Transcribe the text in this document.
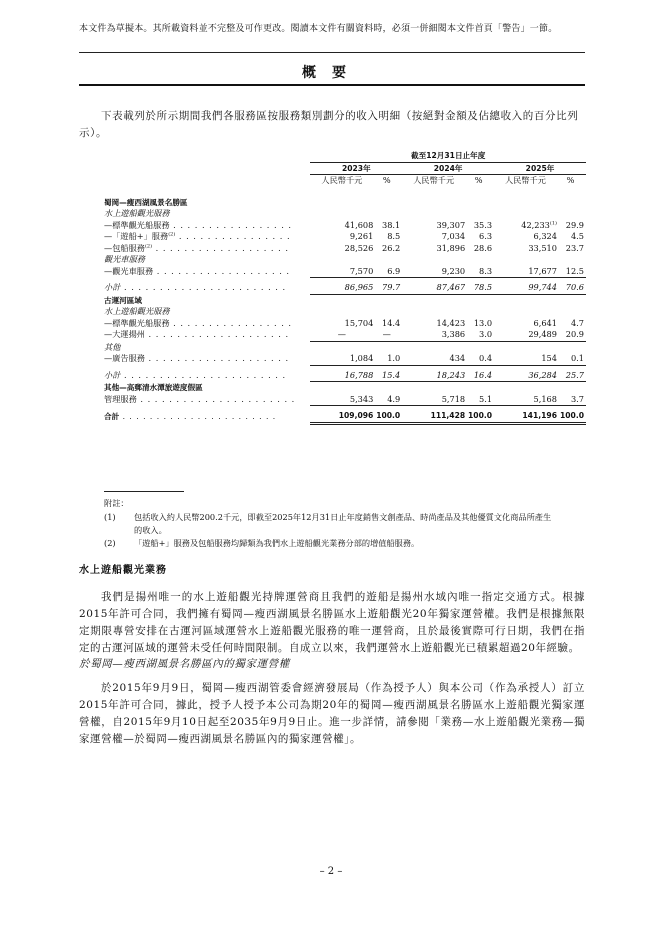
本文件為草擬本。其所載資料並不完整及可作更改。閱讀本文件有關資料時，必須一併細閱本文件首頁「警告」一節。
概要
下表載列於所示期間我們各服務區按服務類別劃分的收入明細（按絕對金額及佔總收入的百分比列示）。
	截至12月31日止年度					
	2023年		2024年		2025年	
	人民幣千元	%	人民幣千元	%	人民幣千元	%

蜀岡—瘦西湖風景名勝區						
水上遊船觀光服務						
—標準觀光船服務 . . . . . . . . . . . . . . . . .	41,608	38.1	39,307	35.3	42,233$^{(1)}$	29.9
—「遊船+」服務$^{(2)}$ . . . . . . . . . . . . . . . .	9,261	8.5	7,034	6.3	6,324	4.5
—包船服務$^{(2)}$ . . . . . . . . . . . . . . . . . . .	28,526	26.2	31,896	28.6	33,510	23.7
觀光車服務						
—觀光車服務 . . . . . . . . . . . . . . . . . . .	7,570	6.9	9,230	8.3	17,677	12.5

小計 . . . . . . . . . . . . . . . . . . . . . . .	86,965	79.7	87,467	78.5	99,744	70.6
古運河區域						
水上遊船觀光服務						
—標準觀光船服務 . . . . . . . . . . . . . . . . .	15,704	14.4	14,423	13.0	6,641	4.7
—大運揚州 . . . . . . . . . . . . . . . . . . . .	—	—	3,386	3.0	29,489	20.9
其他						
—廣告服務 . . . . . . . . . . . . . . . . . . . .	1,084	1.0	434	0.4	154	0.1

小計 . . . . . . . . . . . . . . . . . . . . . . .	16,788	15.4	18,243	16.4	36,284	25.7
其他—高郵清水潭旅遊度假區						
管理服務 . . . . . . . . . . . . . . . . . . . . . .	5,343	4.9	5,718	5.1	5,168	3.7

合計 . . . . . . . . . . . . . . . . . . . . . . .	109,096	100.0	111,428	100.0	141,196	100.0
附註：
(1) 包括收入約人民幣200.2千元，即截至2025年12月31日止年度銷售文創產品、時尚產品及其他優質文化商品所產生的收入。
(2) 「遊船+」服務及包船服務均歸類為我們水上遊船觀光業務分部的增值船服務。
水上遊船觀光業務
我們是揚州唯一的水上遊船觀光持牌運營商且我們的遊船是揚州水域內唯一指定交通方式。根據2015年許可合同，我們擁有蜀岡—瘦西湖風景名勝區水上遊船觀光20年獨家運營權。我們是根據無限定期限專營安排在古運河區域運營水上遊船觀光服務的唯一運營商，且於最後實際可行日期，我們在指定的古運河區域的運營未受任何時間限制。自成立以來，我們運營水上遊船觀光已積累超過20年經驗。
於蜀岡—瘦西湖風景名勝區內的獨家運營權
於2015年9月9日，蜀岡—瘦西湖管委會經濟發展局（作為授予人）與本公司（作為承授人）訂立2015年許可合同，據此，授予人授予本公司為期20年的蜀岡—瘦西湖風景名勝區水上遊船觀光獨家運營權，自2015年9月10日起至2035年9月9日止。進一步詳情，請參閱「業務—水上遊船觀光業務—獨家運營權—於蜀岡—瘦西湖風景名勝區內的獨家運營權」。
– 2 –
